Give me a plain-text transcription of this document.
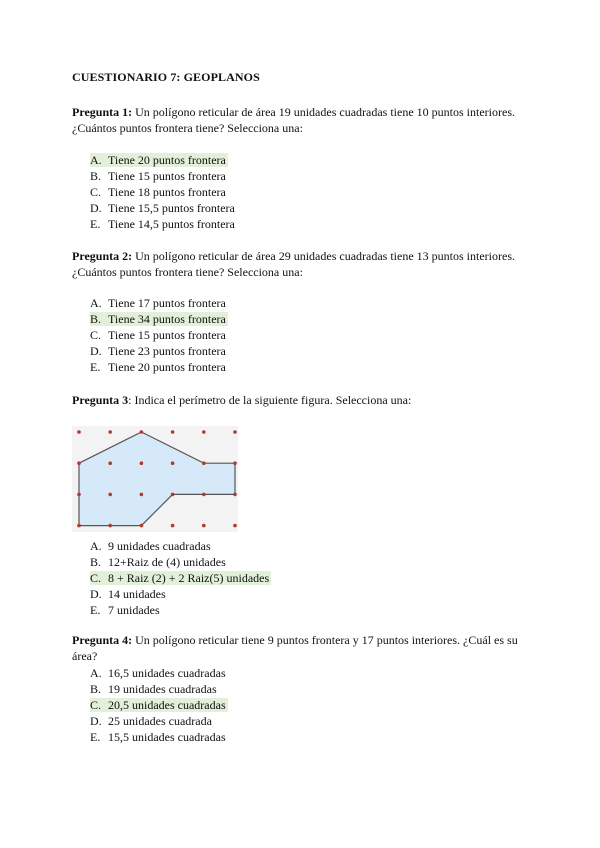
CUESTIONARIO 7: GEOPLANOS
Pregunta 1: Un polígono reticular de área 19 unidades cuadradas tiene 10 puntos interiores. ¿Cuántos puntos frontera tiene? Selecciona una:
A. Tiene 20 puntos frontera
B. Tiene 15 puntos frontera
C. Tiene 18 puntos frontera
D. Tiene 15,5 puntos frontera
E. Tiene 14,5 puntos frontera
Pregunta 2: Un polígono reticular de área 29 unidades cuadradas tiene 13 puntos interiores. ¿Cuántos puntos frontera tiene? Selecciona una:
A. Tiene 17 puntos frontera
B. Tiene 34 puntos frontera
C. Tiene 15 puntos frontera
D. Tiene 23 puntos frontera
E. Tiene 20 puntos frontera
Pregunta 3: Indica el perímetro de la siguiente figura. Selecciona una:
A. 9 unidades cuadradas
B. 12+Raiz de (4) unidades
C. 8 + Raiz (2) + 2 Raiz(5) unidades
D. 14 unidades
E. 7 unidades
Pregunta 4: Un polígono reticular tiene 9 puntos frontera y 17 puntos interiores. ¿Cuál es su área?
A. 16,5 unidades cuadradas
B. 19 unidades cuadradas
C. 20,5 unidades cuadradas
D. 25 unidades cuadrada
E. 15,5 unidades cuadradas
